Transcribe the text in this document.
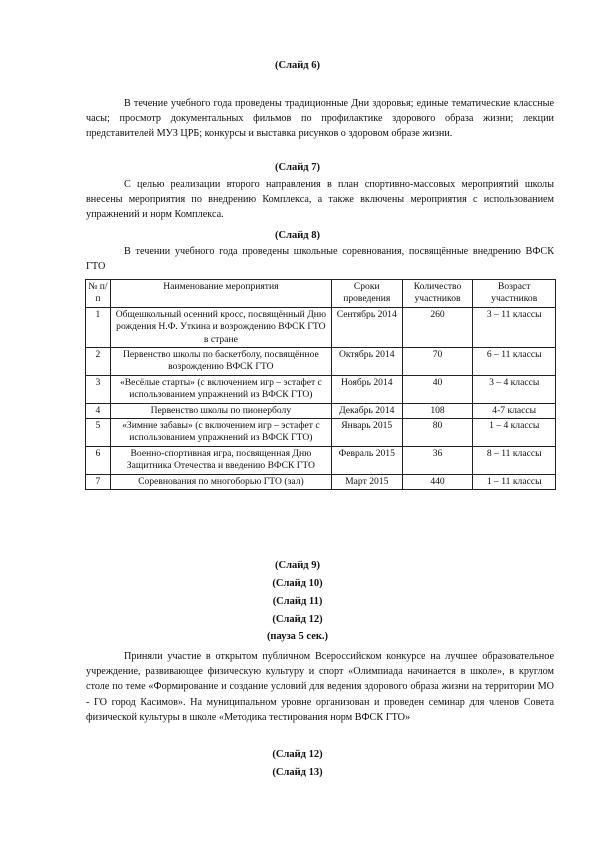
(Слайд 6)
В течение учебного года проведены традиционные Дни здоровья; единые тематические классные часы; просмотр документальных фильмов по профилактике здорового образа жизни; лекции представителей МУЗ ЦРБ; конкурсы и выставка рисунков о здоровом образе жизни.
(Слайд 7)
С целью реализации второго направления в план спортивно-массовых мероприятий школы внесены мероприятия по внедрению Комплекса, а также включены мероприятия с использованием упражнений и норм Комплекса.
(Слайд 8)
В течении учебного года проведены школьные соревнования, посвящённые внедрению ВФСК ГТО
№ п/п	Наименование мероприятия	Сроки проведения	Количество участников	Возраст участников
1	Общешкольный осенний кросс, посвящённый Дню рождения Н.Ф. Уткина и возрождению ВФСК ГТО в стране	Сентябрь 2014	260	3 – 11 классы
2	Первенство школы по баскетболу, посвящённое возрождению ВФСК ГТО	Октябрь 2014	70	6 – 11 классы
3	«Весёлые старты» (с включением игр – эстафет с использованием упражнений из ВФСК ГТО)	Ноябрь 2014	40	3 – 4 классы
4	Первенство школы по пионерболу	Декабрь 2014	108	4-7 классы
5	«Зимние забавы» (с включением игр – эстафет с использованием упражнений из ВФСК ГТО)	Январь 2015	80	1 – 4 классы
6	Военно-спортивная игра, посвященная Дню Защитника Отечества и введению ВФСК ГТО	Февраль 2015	36	8 – 11 классы
7	Соревнования по многоборью ГТО (зал)	Март 2015	440	1 – 11 классы
(Слайд 9)
(Слайд 10)
(Слайд 11)
(Слайд 12)
(пауза 5 сек.)
Приняли участие в открытом публичном Всероссийском конкурсе на лучшее образовательное учреждение, развивающее физическую культуру и спорт «Олимпиада начинается в школе», в круглом столе по теме «Формирование и создание условий для ведения здорового образа жизни на территории МО - ГО город Касимов». На муниципальном уровне организован и проведен семинар для членов Совета физической культуры в школе «Методика тестирования норм ВФСК ГТО»
(Слайд 12)
(Слайд 13)
